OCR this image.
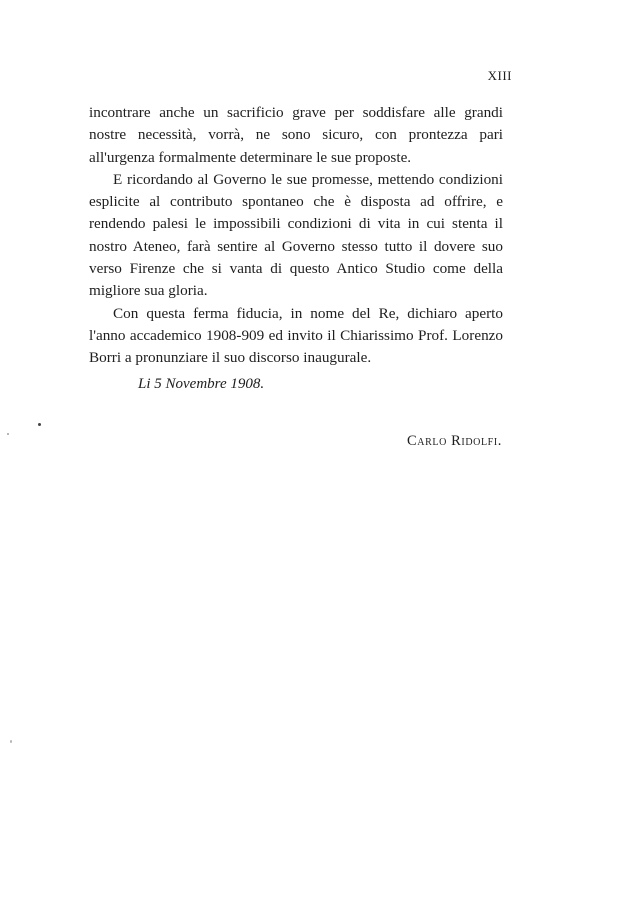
XIII

incontrare anche un sacrificio grave per soddisfare alle grandi nostre necessità, vorrà, ne sono sicuro, con prontezza pari all'urgenza formalmente determinare le sue proposte.

E ricordando al Governo le sue promesse, mettendo condizioni esplicite al contributo spontaneo che è disposta ad offrire, e rendendo palesi le impossibili condizioni di vita in cui stenta il nostro Ateneo, farà sentire al Governo stesso tutto il dovere suo verso Firenze che si vanta di questo Antico Studio come della migliore sua gloria.

Con questa ferma fiducia, in nome del Re, dichiaro aperto l'anno accademico 1908-909 ed invito il Chiarissimo Prof. Lorenzo Borri a pronunziare il suo discorso inaugurale.

Li 5 Novembre 1908.
Carlo Ridolfi.
